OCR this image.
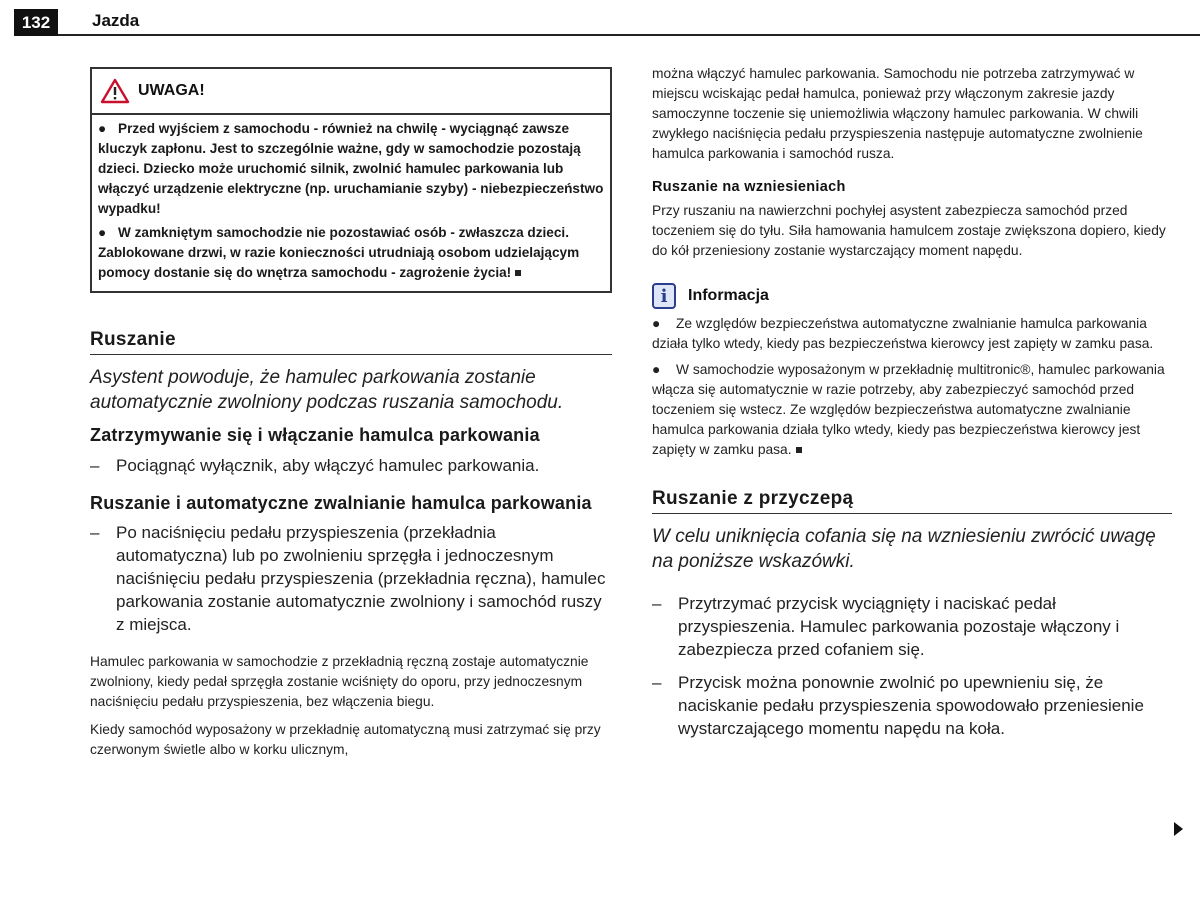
132	Jazda
UWAGA!

● Przed wyjściem z samochodu - również na chwilę - wyciągnąć zawsze kluczyk zapłonu. Jest to szczególnie ważne, gdy w samochodzie pozostają dzieci. Dziecko może uruchomić silnik, zwolnić hamulec parkowania lub włączyć urządzenie elektryczne (np. uruchamianie szyby) - niebezpieczeństwo wypadku!

● W zamkniętym samochodzie nie pozostawiać osób - zwłaszcza dzieci. Zablokowane drzwi, w razie konieczności utrudniają osobom udzielającym pomocy dostanie się do wnętrza samochodu - zagrożenie życia!

Ruszanie

Asystent powoduje, że hamulec parkowania zostanie automatycznie zwolniony podczas ruszania samochodu.

Zatrzymywanie się i włączanie hamulca parkowania
– Pociągnąć wyłącznik, aby włączyć hamulec parkowania.
Ruszanie i automatyczne zwalnianie hamulca parkowania
– Po naciśnięciu pedału przyspieszenia (przekładnia automatyczna) lub po zwolnieniu sprzęgła i jednoczesnym naciśnięciu pedału przyspieszenia (przekładnia ręczna), hamulec parkowania zostanie automatycznie zwolniony i samochód ruszy z miejsca.

Hamulec parkowania w samochodzie z przekładnią ręczną zostaje automatycznie zwolniony, kiedy pedał sprzęgła zostanie wciśnięty do oporu, przy jednoczesnym naciśnięciu pedału przyspieszenia, bez włączenia biegu.

Kiedy samochód wyposażony w przekładnię automatyczną musi zatrzymać się przy czerwonym świetle albo w korku ulicznym,

można włączyć hamulec parkowania. Samochodu nie potrzeba zatrzymywać w miejscu wciskając pedał hamulca, ponieważ przy włączonym zakresie jazdy samoczynne toczenie się uniemożliwia włączony hamulec parkowania. W chwili zwykłego naciśnięcia pedału przyspieszenia następuje automatyczne zwolnienie hamulca parkowania i samochód rusza.

Ruszanie na wzniesieniach

Przy ruszaniu na nawierzchni pochyłej asystent zabezpiecza samochód przed toczeniem się do tyłu. Siła hamowania hamulcem zostaje zwiększona dopiero, kiedy do kół przeniesiony zostanie wystarczający moment napędu.

i	Informacja

● Ze względów bezpieczeństwa automatyczne zwalnianie hamulca parkowania działa tylko wtedy, kiedy pas bezpieczeństwa kierowcy jest zapięty w zamku pasa.

● W samochodzie wyposażonym w przekładnię multitronic®, hamulec parkowania włącza się automatycznie w razie potrzeby, aby zabezpieczyć samochód przed toczeniem się wstecz. Ze względów bezpieczeństwa automatyczne zwalnianie hamulca parkowania działa tylko wtedy, kiedy pas bezpieczeństwa kierowcy jest zapięty w zamku pasa.

Ruszanie z przyczepą

W celu uniknięcia cofania się na wzniesieniu zwrócić uwagę na poniższe wskazówki.

– Przytrzymać przycisk wyciągnięty i naciskać pedał przyspieszenia. Hamulec parkowania pozostaje włączony i zabezpiecza przed cofaniem się.
– Przycisk można ponownie zwolnić po upewnieniu się, że naciskanie pedału przyspieszenia spowodowało przeniesienie wystarczającego momentu napędu na koła.
